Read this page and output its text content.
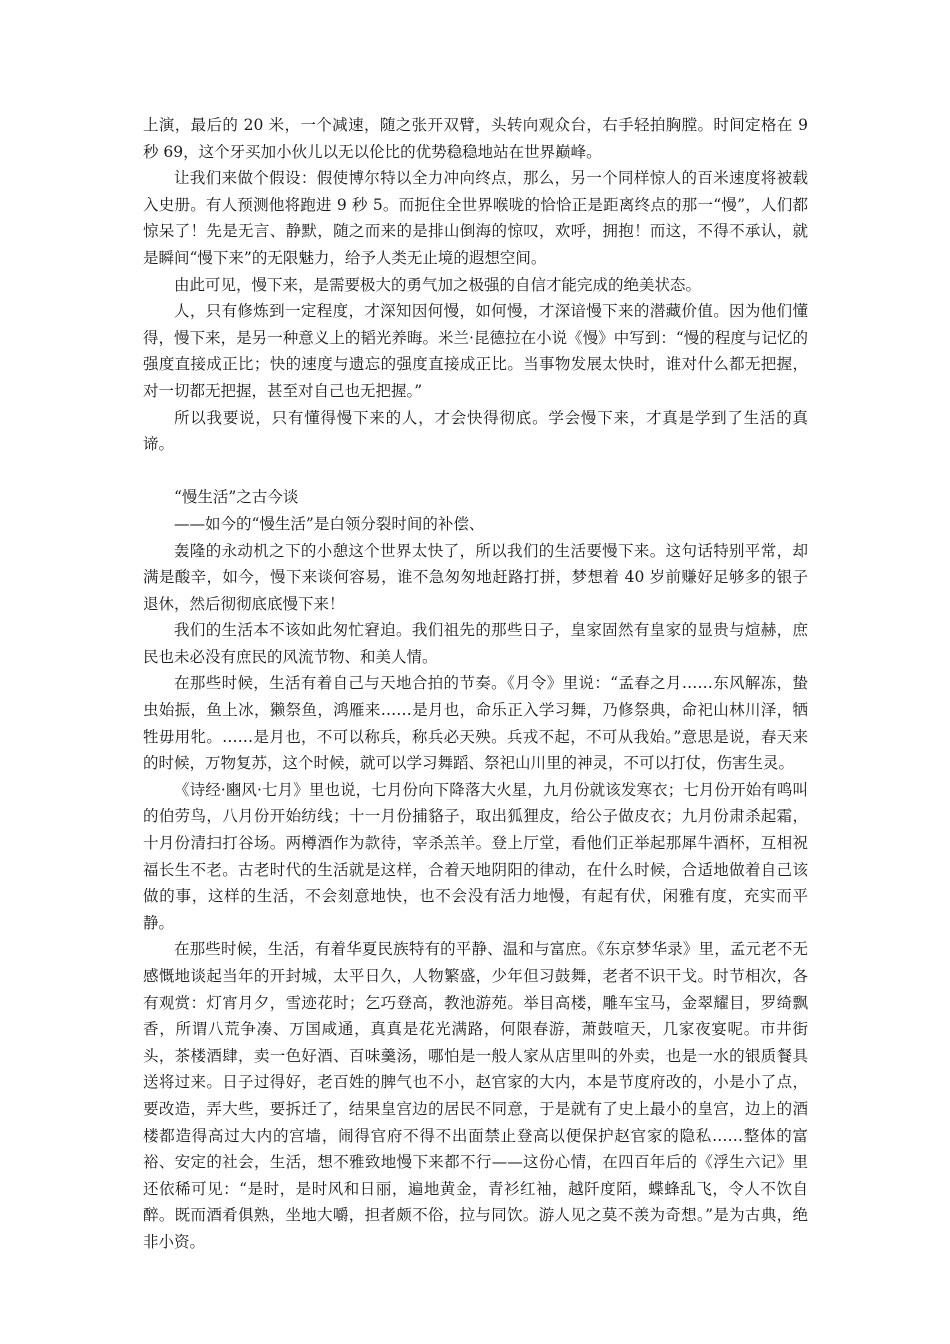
上演，最后的 20 米，一个减速，随之张开双臂，头转向观众台，右手轻拍胸膛。时间定格在 9 秒 69，这个牙买加小伙儿以无以伦比的优势稳稳地站在世界巅峰。

让我们来做个假设：假使博尔特以全力冲向终点，那么，另一个同样惊人的百米速度将被载入史册。有人预测他将跑进 9 秒 5。而扼住全世界喉咙的恰恰正是距离终点的那一“慢”，人们都惊呆了！先是无言、静默，随之而来的是排山倒海的惊叹，欢呼，拥抱！而这，不得不承认，就是瞬间“慢下来”的无限魅力，给予人类无止境的遐想空间。

由此可见，慢下来，是需要极大的勇气加之极强的自信才能完成的绝美状态。

人，只有修炼到一定程度，才深知因何慢，如何慢，才深谙慢下来的潜藏价值。因为他们懂得，慢下来，是另一种意义上的韬光养晦。米兰·昆德拉在小说《慢》中写到：“慢的程度与记忆的强度直接成正比；快的速度与遗忘的强度直接成正比。当事物发展太快时，谁对什么都无把握，对一切都无把握，甚至对自己也无把握。”

所以我要说，只有懂得慢下来的人，才会快得彻底。学会慢下来，才真是学到了生活的真谛。

“慢生活”之古今谈

——如今的“慢生活”是白领分裂时间的补偿、

轰隆的永动机之下的小憩这个世界太快了，所以我们的生活要慢下来。这句话特别平常，却满是酸辛，如今，慢下来谈何容易，谁不急匆匆地赶路打拼，梦想着 40 岁前赚好足够多的银子退休，然后彻彻底底慢下来！

我们的生活本不该如此匆忙窘迫。我们祖先的那些日子，皇家固然有皇家的显贵与煊赫，庶民也未必没有庶民的风流节物、和美人情。

在那些时候，生活有着自己与天地合拍的节奏。《月令》里说：“孟春之月……东风解冻，蛰虫始振，鱼上冰，獭祭鱼，鸿雁来……是月也，命乐正入学习舞，乃修祭典，命祀山林川泽，牺牲毋用牝。……是月也，不可以称兵，称兵必天殃。兵戎不起，不可从我始。”意思是说，春天来的时候，万物复苏，这个时候，就可以学习舞蹈、祭祀山川里的神灵，不可以打仗，伤害生灵。

《诗经·豳风·七月》里也说，七月份向下降落大火星，九月份就该发寒衣；七月份开始有鸣叫的伯劳鸟，八月份开始纺线；十一月份捕貉子，取出狐狸皮，给公子做皮衣；九月份肃杀起霜，十月份清扫打谷场。两樽酒作为款待，宰杀羔羊。登上厅堂，看他们正举起那犀牛酒杯，互相祝福长生不老。古老时代的生活就是这样，合着天地阴阳的律动，在什么时候，合适地做着自己该做的事，这样的生活，不会刻意地快，也不会没有活力地慢，有起有伏，闲雅有度，充实而平静。

在那些时候，生活，有着华夏民族特有的平静、温和与富庶。《东京梦华录》里，孟元老不无感慨地谈起当年的开封城，太平日久，人物繁盛，少年但习鼓舞，老者不识干戈。时节相次，各有观赏：灯宵月夕，雪迹花时；乞巧登高，教池游苑。举目高楼，雕车宝马，金翠耀目，罗绮飘香，所谓八荒争凑、万国咸通，真真是花光满路，何限春游，萧鼓喧天，几家夜宴呢。市井街头，茶楼酒肆，卖一色好酒、百味羹汤，哪怕是一般人家从店里叫的外卖，也是一水的银质餐具送将过来。日子过得好，老百姓的脾气也不小，赵官家的大内，本是节度府改的，小是小了点，要改造，弄大些，要拆迁了，结果皇宫边的居民不同意，于是就有了史上最小的皇宫，边上的酒楼都造得高过大内的宫墙，闹得官府不得不出面禁止登高以便保护赵官家的隐私……整体的富裕、安定的社会，生活，想不雅致地慢下来都不行——这份心情，在四百年后的《浮生六记》里还依稀可见：“是时，是时风和日丽，遍地黄金，青衫红袖，越阡度陌，蝶蜂乱飞，令人不饮自醉。既而酒肴俱熟，坐地大嚼，担者颇不俗，拉与同饮。游人见之莫不羡为奇想。”是为古典，绝非小资。
